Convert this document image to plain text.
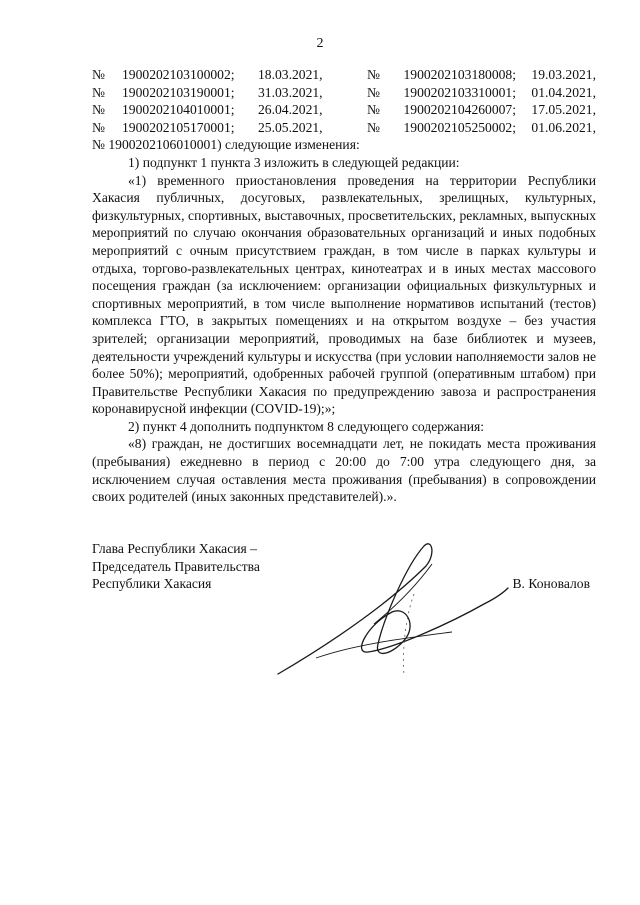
2
№	1900202103100002;	18.03.2021,	№	1900202103180008;	19.03.2021,
№	1900202103190001;	31.03.2021,	№	1900202103310001;	01.04.2021,
№	1900202104010001;	26.04.2021,	№	1900202104260007;	17.05.2021,
№	1900202105170001;	25.05.2021,	№	1900202105250002;	01.06.2021,
№ 1900202106010001) следующие изменения:

1) подпункт 1 пункта 3 изложить в следующей редакции:

«1) временного приостановления проведения на территории Республики Хакасия публичных, досуговых, развлекательных, зрелищных, культурных, физкультурных, спортивных, выставочных, просветительских, рекламных, выпускных мероприятий по случаю окончания образовательных организаций и иных подобных мероприятий с очным присутствием граждан, в том числе в парках культуры и отдыха, торгово-развлекательных центрах, кинотеатрах и в иных местах массового посещения граждан (за исключением: организации официальных физкультурных и спортивных мероприятий, в том числе выполнение нормативов испытаний (тестов) комплекса ГТО, в закрытых помещениях и на открытом воздухе – без участия зрителей; организации мероприятий, проводимых на базе библиотек и музеев, деятельности учреждений культуры и искусства (при условии наполняемости залов не более 50%); мероприятий, одобренных рабочей группой (оперативным штабом) при Правительстве Республики Хакасия по предупреждению завоза и распространения коронавирусной инфекции (COVID-19);»;

2) пункт 4 дополнить подпунктом 8 следующего содержания:

«8) граждан, не достигших восемнадцати лет, не покидать места проживания (пребывания) ежедневно в период с 20:00 до 7:00 утра следующего дня, за исключением случая оставления места проживания (пребывания) в сопровождении своих родителей (иных законных представителей).».

Глава Республики Хакасия –
Председатель Правительства
Республики Хакасия	В. Коновалов
